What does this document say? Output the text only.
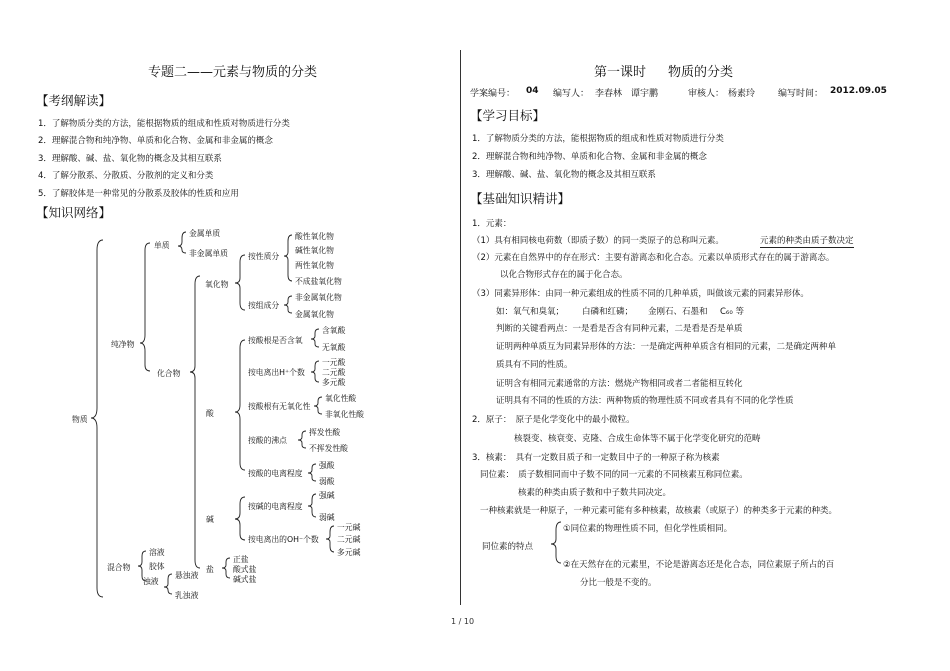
专题二——元素与物质的分类
【考纲解读】
1．了解物质分类的方法，能根据物质的组成和性质对物质进行分类
2．理解混合物和纯净物、单质和化合物、金属和非金属的概念
3．理解酸、碱、盐、氧化物的概念及其相互联系
4．了解分散系、分散质、分散剂的定义和分类
5．了解胶体是一种常见的分散系及胶体的性质和应用
【知识网络】
物质
纯净物
混合物
单质
金属单质
非金属单质
化合物
氧化物
按性质分
酸性氧化物
碱性氧化物
两性氧化物
不成盐氧化物
按组成分
非金属氧化物
金属氧化物
酸
按酸根是否含氧
含氧酸
无氧酸
按电离出H⁺个数
一元酸
二元酸
多元酸
按酸根有无氧化性
氧化性酸
非氧化性酸
按酸的沸点
挥发性酸
不挥发性酸
按酸的电离程度
强酸
弱酸
碱
按碱的电离程度
强碱
弱碱
按电离出的OH⁻个数
一元碱
二元碱
多元碱
盐
正盐
酸式盐
碱式盐
溶液
胶体
浊液
悬浊液
乳浊液
第一课时 物质的分类
学案编号： 04 编写人： 李春林　谭宇鹏	审核人： 杨素玲	编写时间： 2012.09.05
【学习目标】
1．了解物质分类的方法，能根据物质的组成和性质对物质进行分类
2．理解混合物和纯净物、单质和化合物、金属和非金属的概念
3．理解酸、碱、盐、氧化物的概念及其相互联系
【基础知识精讲】
1．元素：
（1）具有相同核电荷数（即质子数）的同一类原子的总称叫元素。	元素的种类由质子数决定
（2）元素在自然界中的存在形式：主要有游离态和化合态。元素以单质形式存在的属于游离态。
以化合物形式存在的属于化合态。
（3）同素异形体：由同一种元素组成的性质不同的几种单质，叫做该元素的同素异形体。
如：氧气和臭氧； 白磷和红磷； 金刚石、石墨和 C₆₀ 等
判断的关键看两点：一是看是否含有同种元素，二是看是否是单质
证明两种单质互为同素异形体的方法：一是确定两种单质含有相同的元素，二是确定两种单
质具有不同的性质。
证明含有相同元素通常的方法：燃烧产物相同或者二者能相互转化
证明具有不同的性质的方法：两种物质的物理性质不同或者具有不同的化学性质
2．原子：　原子是化学变化中的最小微粒。
核裂变、核衰变、克隆、合成生命体等不属于化学变化研究的范畴
3．核素：　具有一定数目质子和一定数目中子的一种原子称为核素
同位素：　质子数相同而中子数不同的同一元素的不同核素互称同位素。
核素的种类由质子数和中子数共同决定。
一种核素就是一种原子，一种元素可能有多种核素，故核素（或原子）的种类多于元素的种类。
①同位素的物理性质不同，但化学性质相同。
同位素的特点
②在天然存在的元素里，不论是游离态还是化合态，同位素原子所占的百
分比一般是不变的。
1 / 10
